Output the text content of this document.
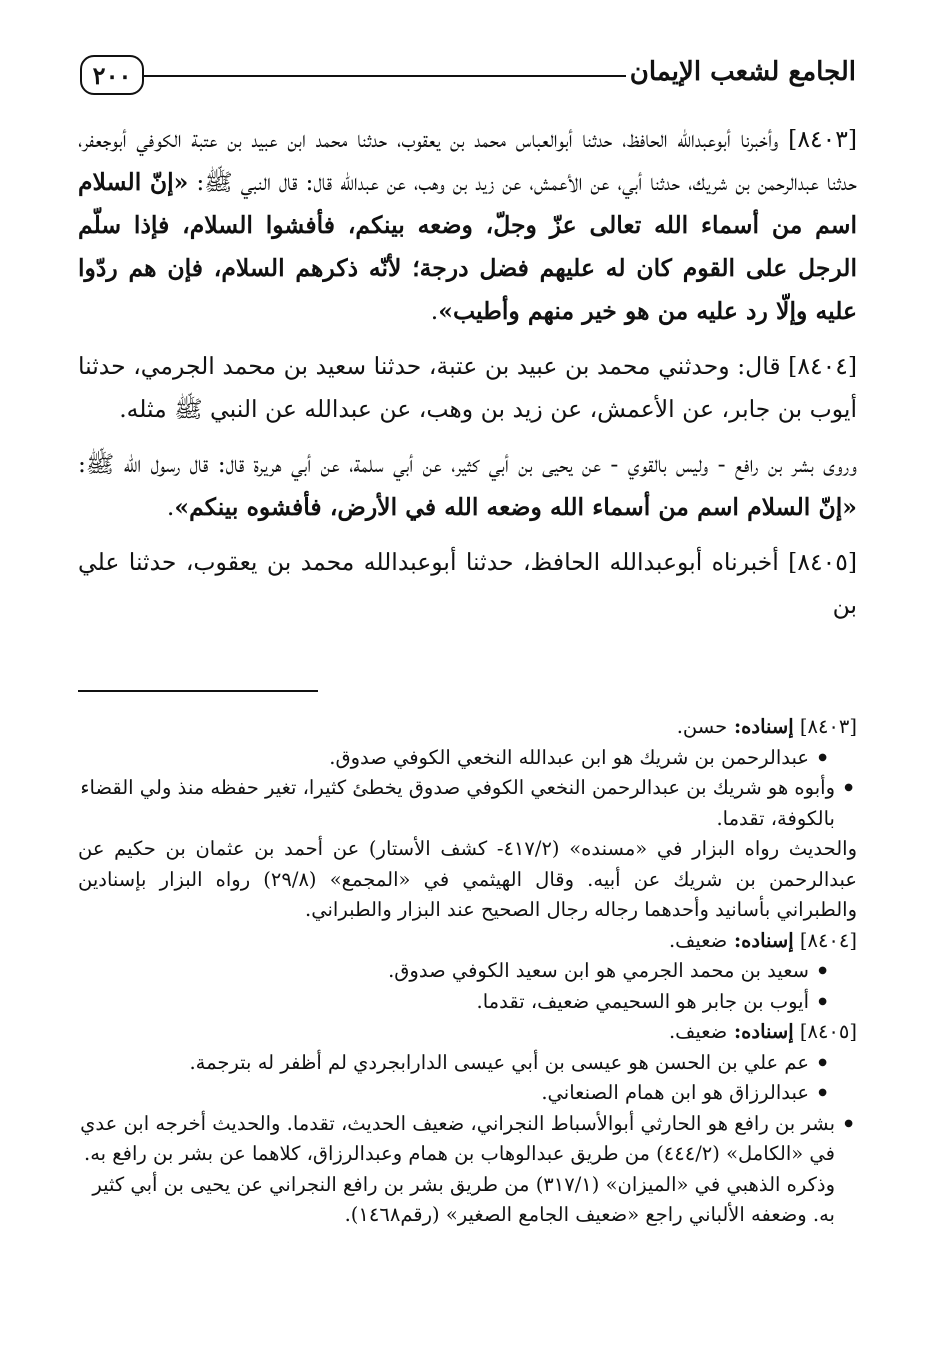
٢٠٠	الجامع لشعب الإيمان

[٨٤٠٣] وأخبرنا أبوعبدالله الحافظ، حدثنا أبوالعباس محمد بن يعقوب، حدثنا محمد ابن عبيد بن عتبة الكوفي أبوجعفر، حدثنا عبدالرحمن بن شريك، حدثنا أبي، عن الأعمش، عن زيد بن وهب، عن عبدالله قال: قال النبي ﷺ: «إنّ السلام اسم من أسماء الله تعالى عزّ وجلّ، وضعه بينكم، فأفشوا السلام، فإذا سلّم الرجل على القوم كان له عليهم فضل درجة؛ لأنّه ذكرهم السلام، فإن هم ردّوا عليه وإلّا رد عليه من هو خير منهم وأطيب».

[٨٤٠٤] قال: وحدثني محمد بن عبيد بن عتبة، حدثنا سعيد بن محمد الجرمي، حدثنا أيوب بن جابر، عن الأعمش، عن زيد بن وهب، عن عبدالله عن النبي ﷺ مثله.

وروى بشر بن رافع - وليس بالقوي - عن يحيى بن أبي كثير، عن أبي سلمة، عن أبي هريرة قال: قال رسول الله ﷺ: «إنّ السلام اسم من أسماء الله وضعه الله في الأرض، فأفشوه بينكم».

[٨٤٠٥] أخبرناه أبوعبدالله الحافظ، حدثنا أبوعبدالله محمد بن يعقوب، حدثنا علي بن

[٨٤٠٣] إسناده: حسن.

● عبدالرحمن بن شريك هو ابن عبدالله النخعي الكوفي صدوق.

● وأبوه هو شريك بن عبدالرحمن النخعي الكوفي صدوق يخطئ كثيرا، تغير حفظه منذ ولي القضاء بالكوفة، تقدما.

والحديث رواه البزار في «مسنده» (٤١٧/٢- كشف الأستار) عن أحمد بن عثمان بن حكيم عن عبدالرحمن بن شريك عن أبيه. وقال الهيثمي في «المجمع» (٢٩/٨) رواه البزار بإسنادين والطبراني بأسانيد وأحدهما رجاله رجال الصحيح عند البزار والطبراني.

[٨٤٠٤] إسناده: ضعيف.

● سعيد بن محمد الجرمي هو ابن سعيد الكوفي صدوق.

● أيوب بن جابر هو السحيمي ضعيف، تقدما.

[٨٤٠٥] إسناده: ضعيف.

● عم علي بن الحسن هو عيسى بن أبي عيسى الدارابجردي لم أظفر له بترجمة.

● عبدالرزاق هو ابن همام الصنعاني.

● بشر بن رافع هو الحارثي أبوالأسباط النجراني، ضعيف الحديث، تقدما. والحديث أخرجه ابن عدي في «الكامل» (٤٤٤/٢) من طريق عبدالوهاب بن همام وعبدالرزاق، كلاهما عن بشر بن رافع به. وذكره الذهبي في «الميزان» (٣١٧/١) من طريق بشر بن رافع النجراني عن يحيى بن أبي كثير به. وضعفه الألباني راجع «ضعيف الجامع الصغير» (رقم١٤٦٨).
